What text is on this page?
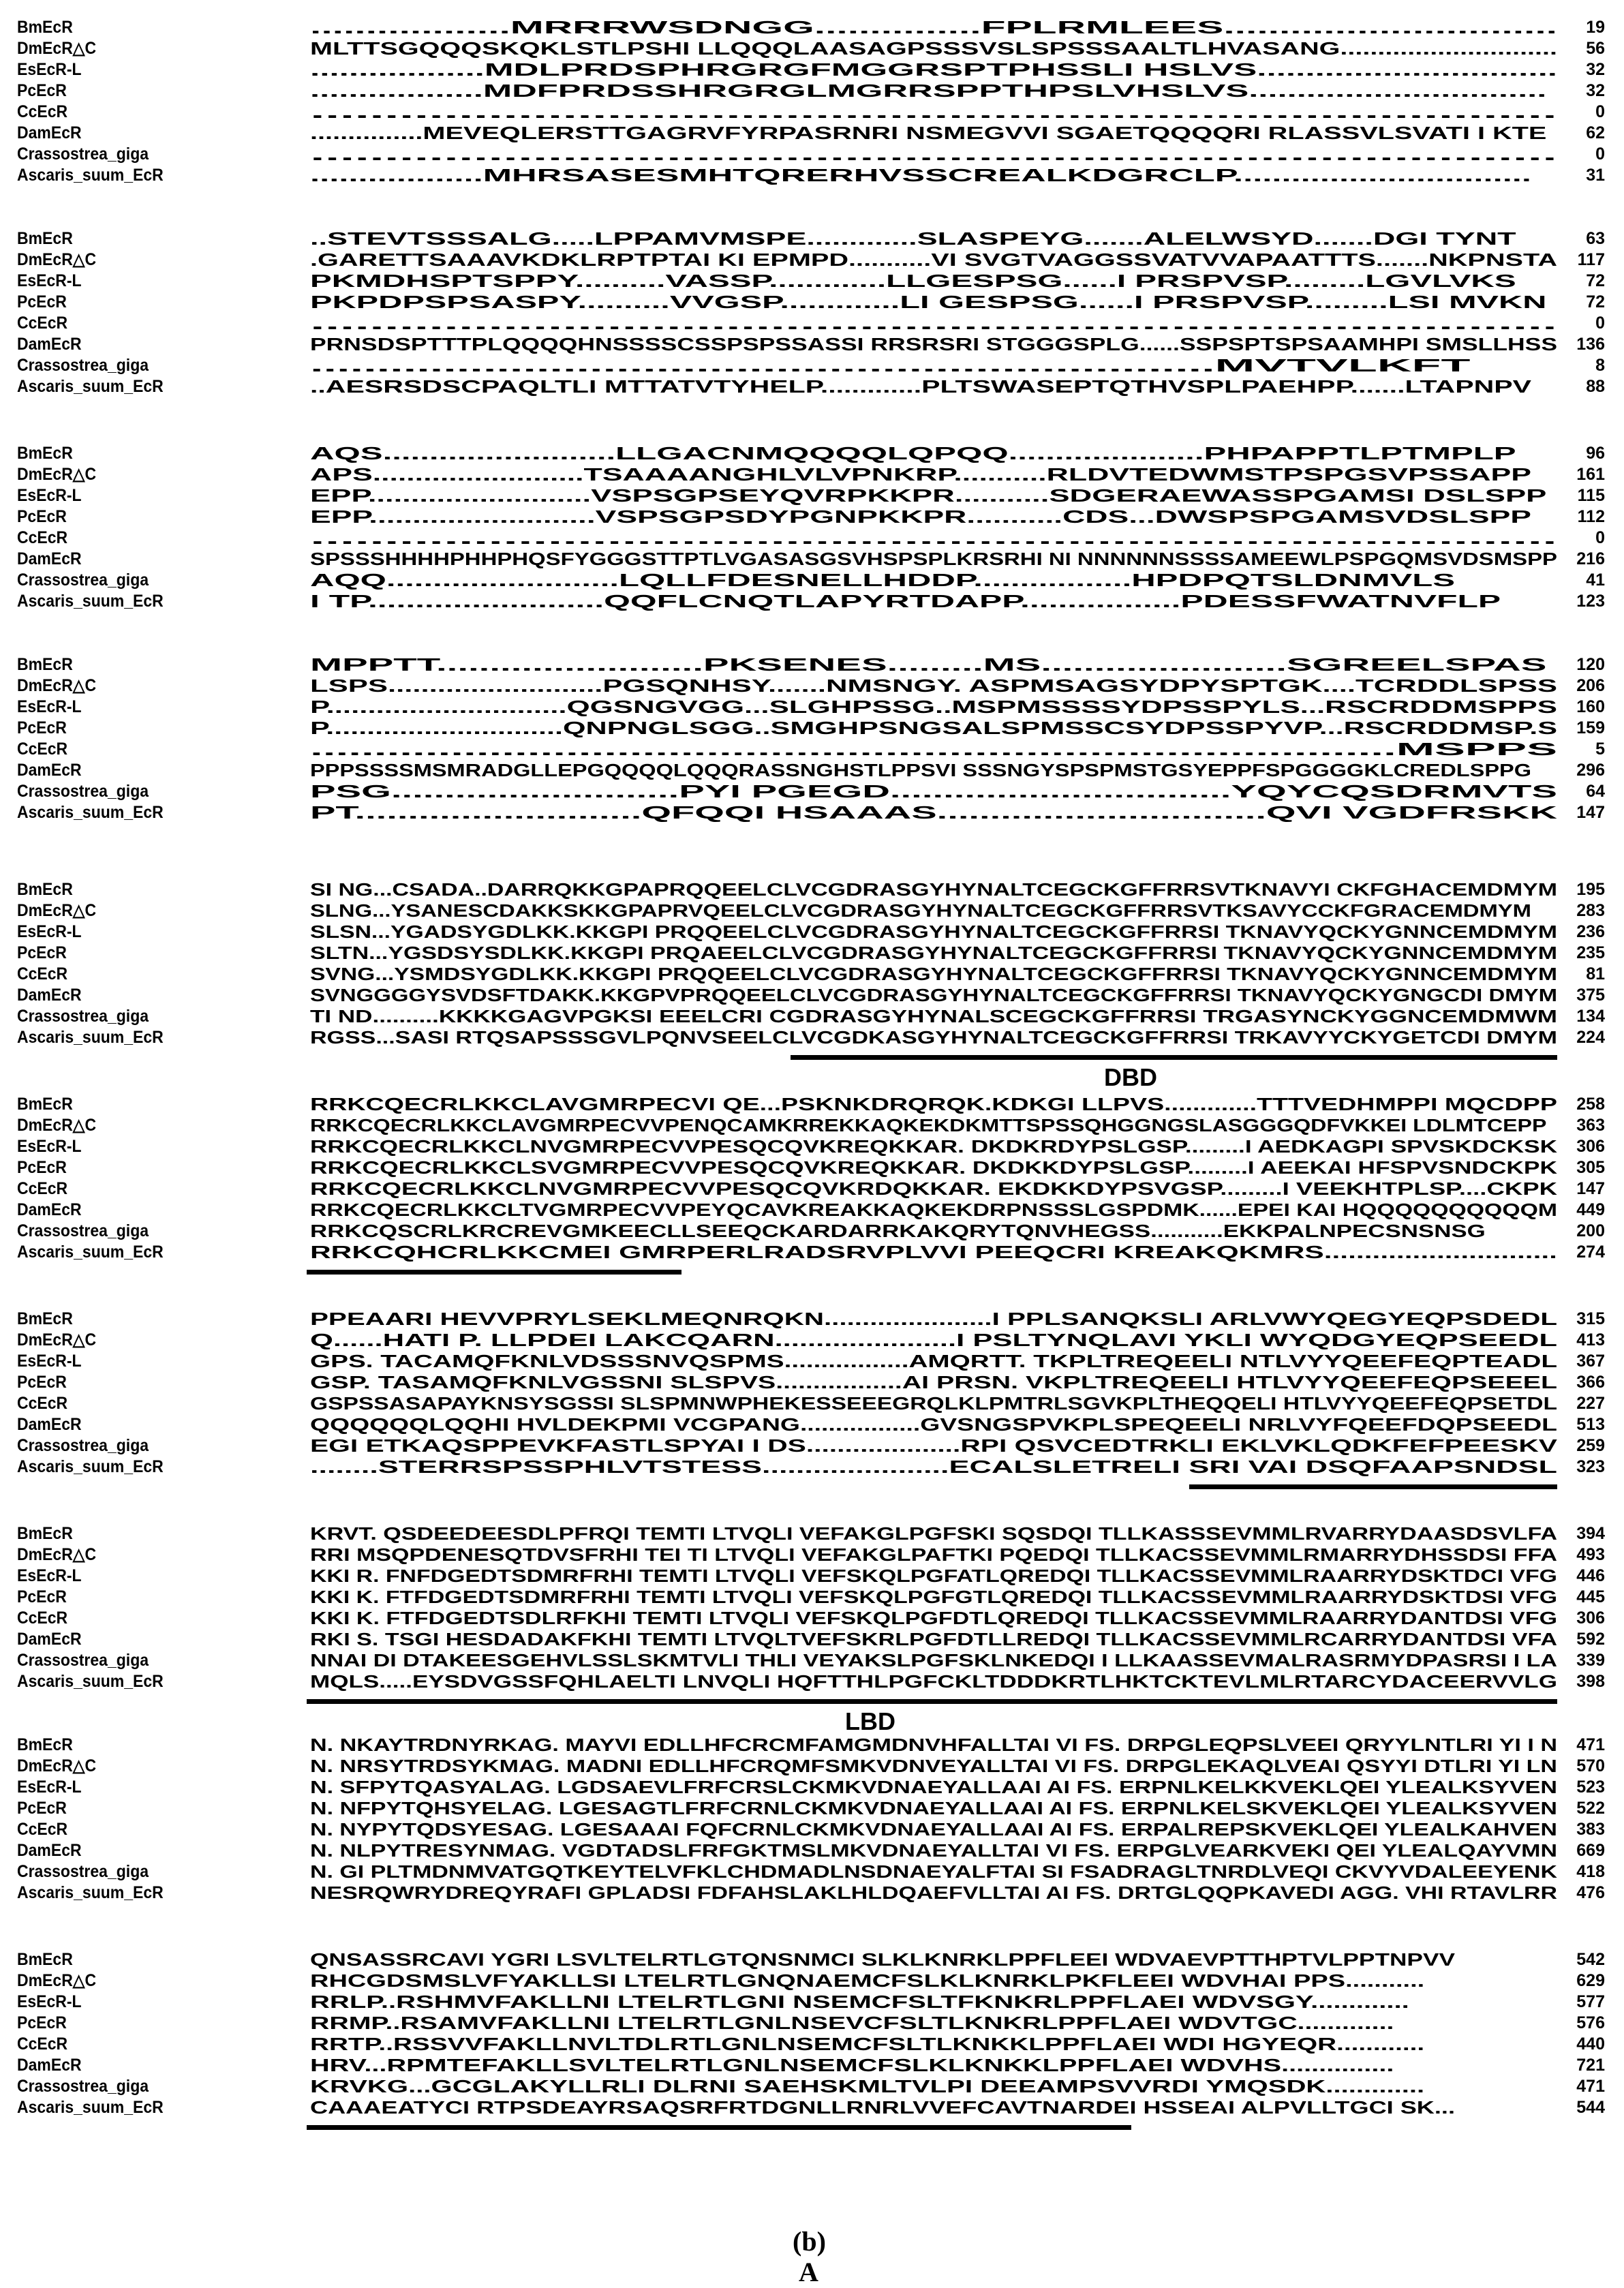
BmEcR	..................MRRRWSDNGG...............FPLRMLEES.............................. 19
DmEcR△C	MLTTSGQQQSKQKLSTLPSHI LLQQQLAASAGPSSSVSLSPSSSAALTLHVASANG............................. 56
EsEcR-L	..................MDLPRDSPHRGRGFMGGRSPTPHSSLI HSLVS............................... 32
PcEcR	..................MDFPRDSSHRGRGLMGRRSPPTHPSLVHSLVS...............................	32
CcEcR	.................................................................................... 0
DamEcR	...............MEVEQLERSTTGAGRVFYRPASRNRI NSMEGVVI SGAETQQQQRI RLASSVLSVATI I KTE	62
Crassostrea_giga	.................................................................................... 0
Ascaris_suum_EcR	..................MHRSASESMHTQRERHVSSCREALKDGRCLP...............................	31
BmEcR	..STEVTSSSALG.....LPPAMVMSPE.............SLASPEYG.......ALELWSYD.......DGI TYNT	63
DmEcR△C	.GARETTSAAAVKDKLRPTPTAI KI EPMPD...........VI SVGTVAGGSSVATVVAPAATTTS.......NKPNSTA 117
EsEcR-L	PKMDHSPTSPPY..........VASSP.............LLGESPSG......I PRSPVSP.........LGVLVKS	72
PcEcR	PKPDPSPSASPY..........VVGSP.............LI GESPSG......I PRSPVSP.........LSI MVKN	72
CcEcR	.................................................................................... 0
DamEcR	PRNSDSPTTTPLQQQQHNSSSSCSSPSPSSASSI RRSRSRI STGGGSPLG......SSPSPTSPSAAMHPI SMSLLHSS 136
Crassostrea_giga	....................................................................MVTVLKFT	8
Ascaris_suum_EcR	..AESRSDSCPAQLTLI MTTATVTYHELP.............PLTSWASEPTQTHVSPLPAEHPP.......LTAPNPV	88
BmEcR	AQS.........................LLGACNMQQQQLQPQQ.....................PHPAPPTLPTMPLP	96
DmEcR△C	APS.........................TSAAAANGHLVLVPNKRP...........RLDVTEDWMSTPSPGSVPSSAPP	161
EsEcR-L	EPP..........................VSPSGPSEYQVRPKKPR...........SDGERAEWASSPGAMSI DSLSPP	115
PcEcR	EPP..........................VSPSGPSDYPGNPKKPR...........CDS...DWSPSPGAMSVDSLSPP	112
CcEcR	.................................................................................... 0
DamEcR	SPSSSHHHHPHHPHQSFYGGGSTTPTLVGASASGSVHSPSPLKRSRHI NI NNNNNNSSSSAMEEWLPSPGQMSVDSMSPP 216
Crassostrea_giga	AQQ.........................LQLLFDESNELLHDDP.................HPDPQTSLDNMVLS	41
Ascaris_suum_EcR	I TP.........................QQFLCNQTLAPYRTDAPP.................PDESSFWATNVFLP	123
BmEcR	MPPTT.........................PKSENES.........MS.......................SGREELSPAS	120
DmEcR△C	LSPS..........................PGSQNHSY.......NMSNGY. ASPMSAGSYDPYSPTGK....TCRDDLSPSS 206
EsEcR-L	P.............................QGSNGVGG...SLGHPSSG..MSPMSSSSYDPSSPYLS...RSCRDDMSPPS 160
PcEcR	P.............................QNPNGLSGG..SMGHPSNGSALSPMSSCSYDPSSPYVP...RSCRDDMSP.S 159
CcEcR	.....................................................................................MSPPS 5
DamEcR	PPPSSSSMSMRADGLLEPGQQQQLQQQRASSNGHSTLPPSVI SSSNGYSPSPMSTGSYEPPFSPGGGGKLCREDLSPPG	296
Crassostrea_giga	PSG...........................PYI PGEGD................................YQYCQSDRMVTS 64
Ascaris_suum_EcR	PT...........................QFQQI HSAAAS...............................QVI VGDFRSKK 147
BmEcR	SI NG...CSADA..DARRQKKGPAPRQQEELCLVCGDRASGYHYNALTCEGCKGFFRRSVTKNAVYI CKFGHACEMDMYM 195
DmEcR△C	SLNG...YSANESCDAKKSKKGPAPRVQEELCLVCGDRASGYHYNALTCEGCKGFFRRSVTKSAVYCCKFGRACEMDMYM	283
EsEcR-L	SLSN...YGADSYGDLKK.KKGPI PRQQEELCLVCGDRASGYHYNALTCEGCKGFFRRSI TKNAVYQCKYGNNCEMDMYM 236
PcEcR	SLTN...YGSDSYSDLKK.KKGPI PRQAEELCLVCGDRASGYHYNALTCEGCKGFFRRSI TKNAVYQCKYGNNCEMDMYM 235
CcEcR	SVNG...YSMDSYGDLKK.KKGPI PRQQEELCLVCGDRASGYHYNALTCEGCKGFFRRSI TKNAVYQCKYGNNCEMDMYM 81
DamEcR	SVNGGGGYSVDSFTDAKK.KKGPVPRQQEELCLVCGDRASGYHYNALTCEGCKGFFRRSI TKNAVYQCKYGNGCDI DMYM 375
Crassostrea_giga	TI ND..........KKKKGAGVPGKSI EEELCRI CGDRASGYHYNALSCEGCKGFFRRSI TRGASYNCKYGGNCEMDMWM 134
Ascaris_suum_EcR	RGSS...SASI RTQSAPSSSGVLPQNVSEELCLVCGDKASGYHYNALTCEGCKGFFRRSI TRKAVYYCKYGETCDI DMYM 224
DBD
BmEcR	RRKCQECRLKKCLAVGMRPECVI QE...PSKNKDRQRQK.KDKGI LLPVS.............TTTVEDHMPPI MQCDPP 258
DmEcR△C	RRKCQECRLKKCLAVGMRPECVVPENQCAMKRREKKAQKEKDKMTTSPSSQHGGNGSLASGGGQDFVKKEI LDLMTCEPP	363
EsEcR-L	RRKCQECRLKKCLNVGMRPECVVPESQCQVKREQKKAR. DKDKRDYPSLGSP.........I AEDKAGPI SPVSKDCKSK 306
PcEcR	RRKCQECRLKKCLSVGMRPECVVPESQCQVKREQKKAR. DKDKKDYPSLGSP.........I AEEKAI HFSPVSNDCKPK 305
CcEcR	RRKCQECRLKKCLNVGMRPECVVPESQCQVKRDQKKAR. EKDKKDYPSVGSP.........I VEEKHTPLSP....CKPK 147
DamEcR	RRKCQECRLKKCLTVGMRPECVVPEYQCAVKREAKKAQKEKDRPNSSSLGSPDMK......EPEI KAI HQQQQQQQQQQM 449
Crassostrea_giga	RRKCQSCRLKRCREVGMKEECLLSEEQCKARDARRKAKQRYTQNVHEGSS...........EKKPALNPECSNSNSG	200
Ascaris_suum_EcR	RRKCQHCRLKKCMEI GMRPERLRADSRVPLVVI PEEQCRI KREAKQKMRS............................. 274
BmEcR	PPEAARI HEVVPRYLSEKLMEQNRQKN......................I PPLSANQKSLI ARLVWYQEGYEQPSDEDL 315
DmEcR△C	Q......HATI P. LLPDEI LAKCQARN......................I PSLTYNQLAVI YKLI WYQDGYEQPSEEDL 413
EsEcR-L	GPS. TACAMQFKNLVDSSSNVQSPMS.................AMQRTT. TKPLTREQEELI NTLVYYQEEFEQPTEADL 367
PcEcR	GSP. TASAMQFKNLVGSSNI SLSPVS.................AI PRSN. VKPLTREQEELI HTLVYYQEEFEQPSEEEL 366
CcEcR	GSPSSASAPAYKNSYSGSSI SLSPMNWPHEKESSEEEGRQLKLPMTRLSGVKPLTHEQQELI HTLVYYQEEFEQPSETDL 227
DamEcR	QQQQQQLQQHI HVLDEKPMI VCGPANG.................GVSNGSPVKPLSPEQEELI NRLVYFQEEFDQPSEEDL 513
Crassostrea_giga	EGI ETKAQSPPEVKFASTLSPYAI I DS....................RPI QSVCEDTRKLI EKLVKLQDKFEFPEESKV 259
Ascaris_suum_EcR	........STERRSPSSPHLVTSTESS......................ECALSLETRELI SRI VAI DSQFAAPSNDSL 323
BmEcR	KRVT. QSDEEDEESDLPFRQI TEMTI LTVQLI VEFAKGLPGFSKI SQSDQI TLLKASSSEVMMLRVARRYDAASDSVLFA 394
DmEcR△C	RRI MSQPDENESQTDVSFRHI TEI TI LTVQLI VEFAKGLPAFTKI PQEDQI TLLKACSSEVMMLRMARRYDHSSDSI FFA 493
EsEcR-L	KKI R. FNFDGEDTSDMRFRHI TEMTI LTVQLI VEFSKQLPGFATLQREDQI TLLKACSSEVMMLRAARRYDSKTDCI VFG 446
PcEcR	KKI K. FTFDGEDTSDMRFRHI TEMTI LTVQLI VEFSKQLPGFGTLQREDQI TLLKACSSEVMMLRAARRYDSKTDSI VFG 445
CcEcR	KKI K. FTFDGEDTSDLRFKHI TEMTI LTVQLI VEFSKQLPGFDTLQREDQI TLLKACSSEVMMLRAARRYDANTDSI VFG 306
DamEcR	RKI S. TSGI HESDADAKFKHI TEMTI LTVQLTVEFSKRLPGFDTLLREDQI TLLKACSSEVMMLRCARRYDANTDSI VFA 592
Crassostrea_giga	NNAI DI DTAKEESGEHVLSSLSKMTVLI THLI VEYAKSLPGFSKLNKEDQI I LLKAASSEVMALRASRMYDPASRSI I LA 339
Ascaris_suum_EcR	MQLS.....EYSDVGSSFQHLAELTI LNVQLI HQFTTHLPGFCKLTDDDKRTLHKTCKTEVLMLRTARCYDACEERVVLG 398
LBD
BmEcR	N. NKAYTRDNYRKAG. MAYVI EDLLHFCRCMFAMGMDNVHFALLTAI VI FS. DRPGLEQPSLVEEI QRYYLNTLRI YI I N 471
DmEcR△C	N. NRSYTRDSYKMAG. MADNI EDLLHFCRQMFSMKVDNVEYALLTAI VI FS. DRPGLEKAQLVEAI QSYYI DTLRI YI LN 570
EsEcR-L	N. SFPYTQASYALAG. LGDSAEVLFRFCRSLCKMKVDNAEYALLAAI AI FS. ERPNLKELKKVEKLQEI YLEALKSYVEN 523
PcEcR	N. NFPYTQHSYELAG. LGESAGTLFRFCRNLCKMKVDNAEYALLAAI AI FS. ERPNLKELSKVEKLQEI YLEALKSYVEN 522
CcEcR	N. NYPYTQDSYESAG. LGESAAAI FQFCRNLCKMKVDNAEYALLAAI AI FS. ERPALREPSKVEKLQEI YLEALKAHVEN 383
DamEcR	N. NLPYTRESYNMAG. VGDTADSLFRFGKTMSLMKVDNAEYALLTAI VI FS. ERPGLVEARKVEKI QEI YLEALQAYVMN 669
Crassostrea_giga	N. GI PLTMDNMVATGQTKEYTELVFKLCHDMADLNSDNAEYALFTAI SI FSADRAGLTNRDLVEQI CKVYVDALEEYENK 418
Ascaris_suum_EcR	NESRQWRYDREQYRAFI GPLADSI FDFAHSLAKLHLDQAEFVLLTAI AI FS. DRTGLQQPKAVEDI AGG. VHI RTAVLRR 476
BmEcR	QNSASSRCAVI YGRI LSVLTELRTLGTQNSNMCI SLKLKNRKLPPFLEEI WDVAEVPTTHPTVLPPTNPVV	542
DmEcR△C	RHCGDSMSLVFYAKLLSI LTELRTLGNQNAEMCFSLKLKNRKLPKFLEEI WDVHAI PPS...........	629
EsEcR-L	RRLP..RSHMVFAKLLNI LTELRTLGNI NSEMCFSLTFKNKRLPPFLAEI WDVSGY.............	577
PcEcR	RRMP..RSAMVFAKLLNI LTELRTLGNLNSEVCFSLTLKNKRLPPFLAEI WDVTGC.............	576
CcEcR	RRTP..RSSVVFAKLLNVLTDLRTLGNLNSEMCFSLTLKNKKLPPFLAEI WDI HGYEQR............	440
DamEcR	HRV...RPMTEFAKLLSVLTELRTLGNLNSEMCFSLKLKNKKLPPFLAEI WDVHS...............	721
Crassostrea_giga	KRVKG...GCGLAKYLLRLI DLRNI SAEHSKMLTVLPI DEEAMPSVVRDI YMQSDK.............	471
Ascaris_suum_EcR	CAAAEATYCI RTPSDEAYRSAQSRFRTDGNLLRNRLVVEFCAVTNARDEI HSSEAI ALPVLLTGCI SK...	544
(b)
A
